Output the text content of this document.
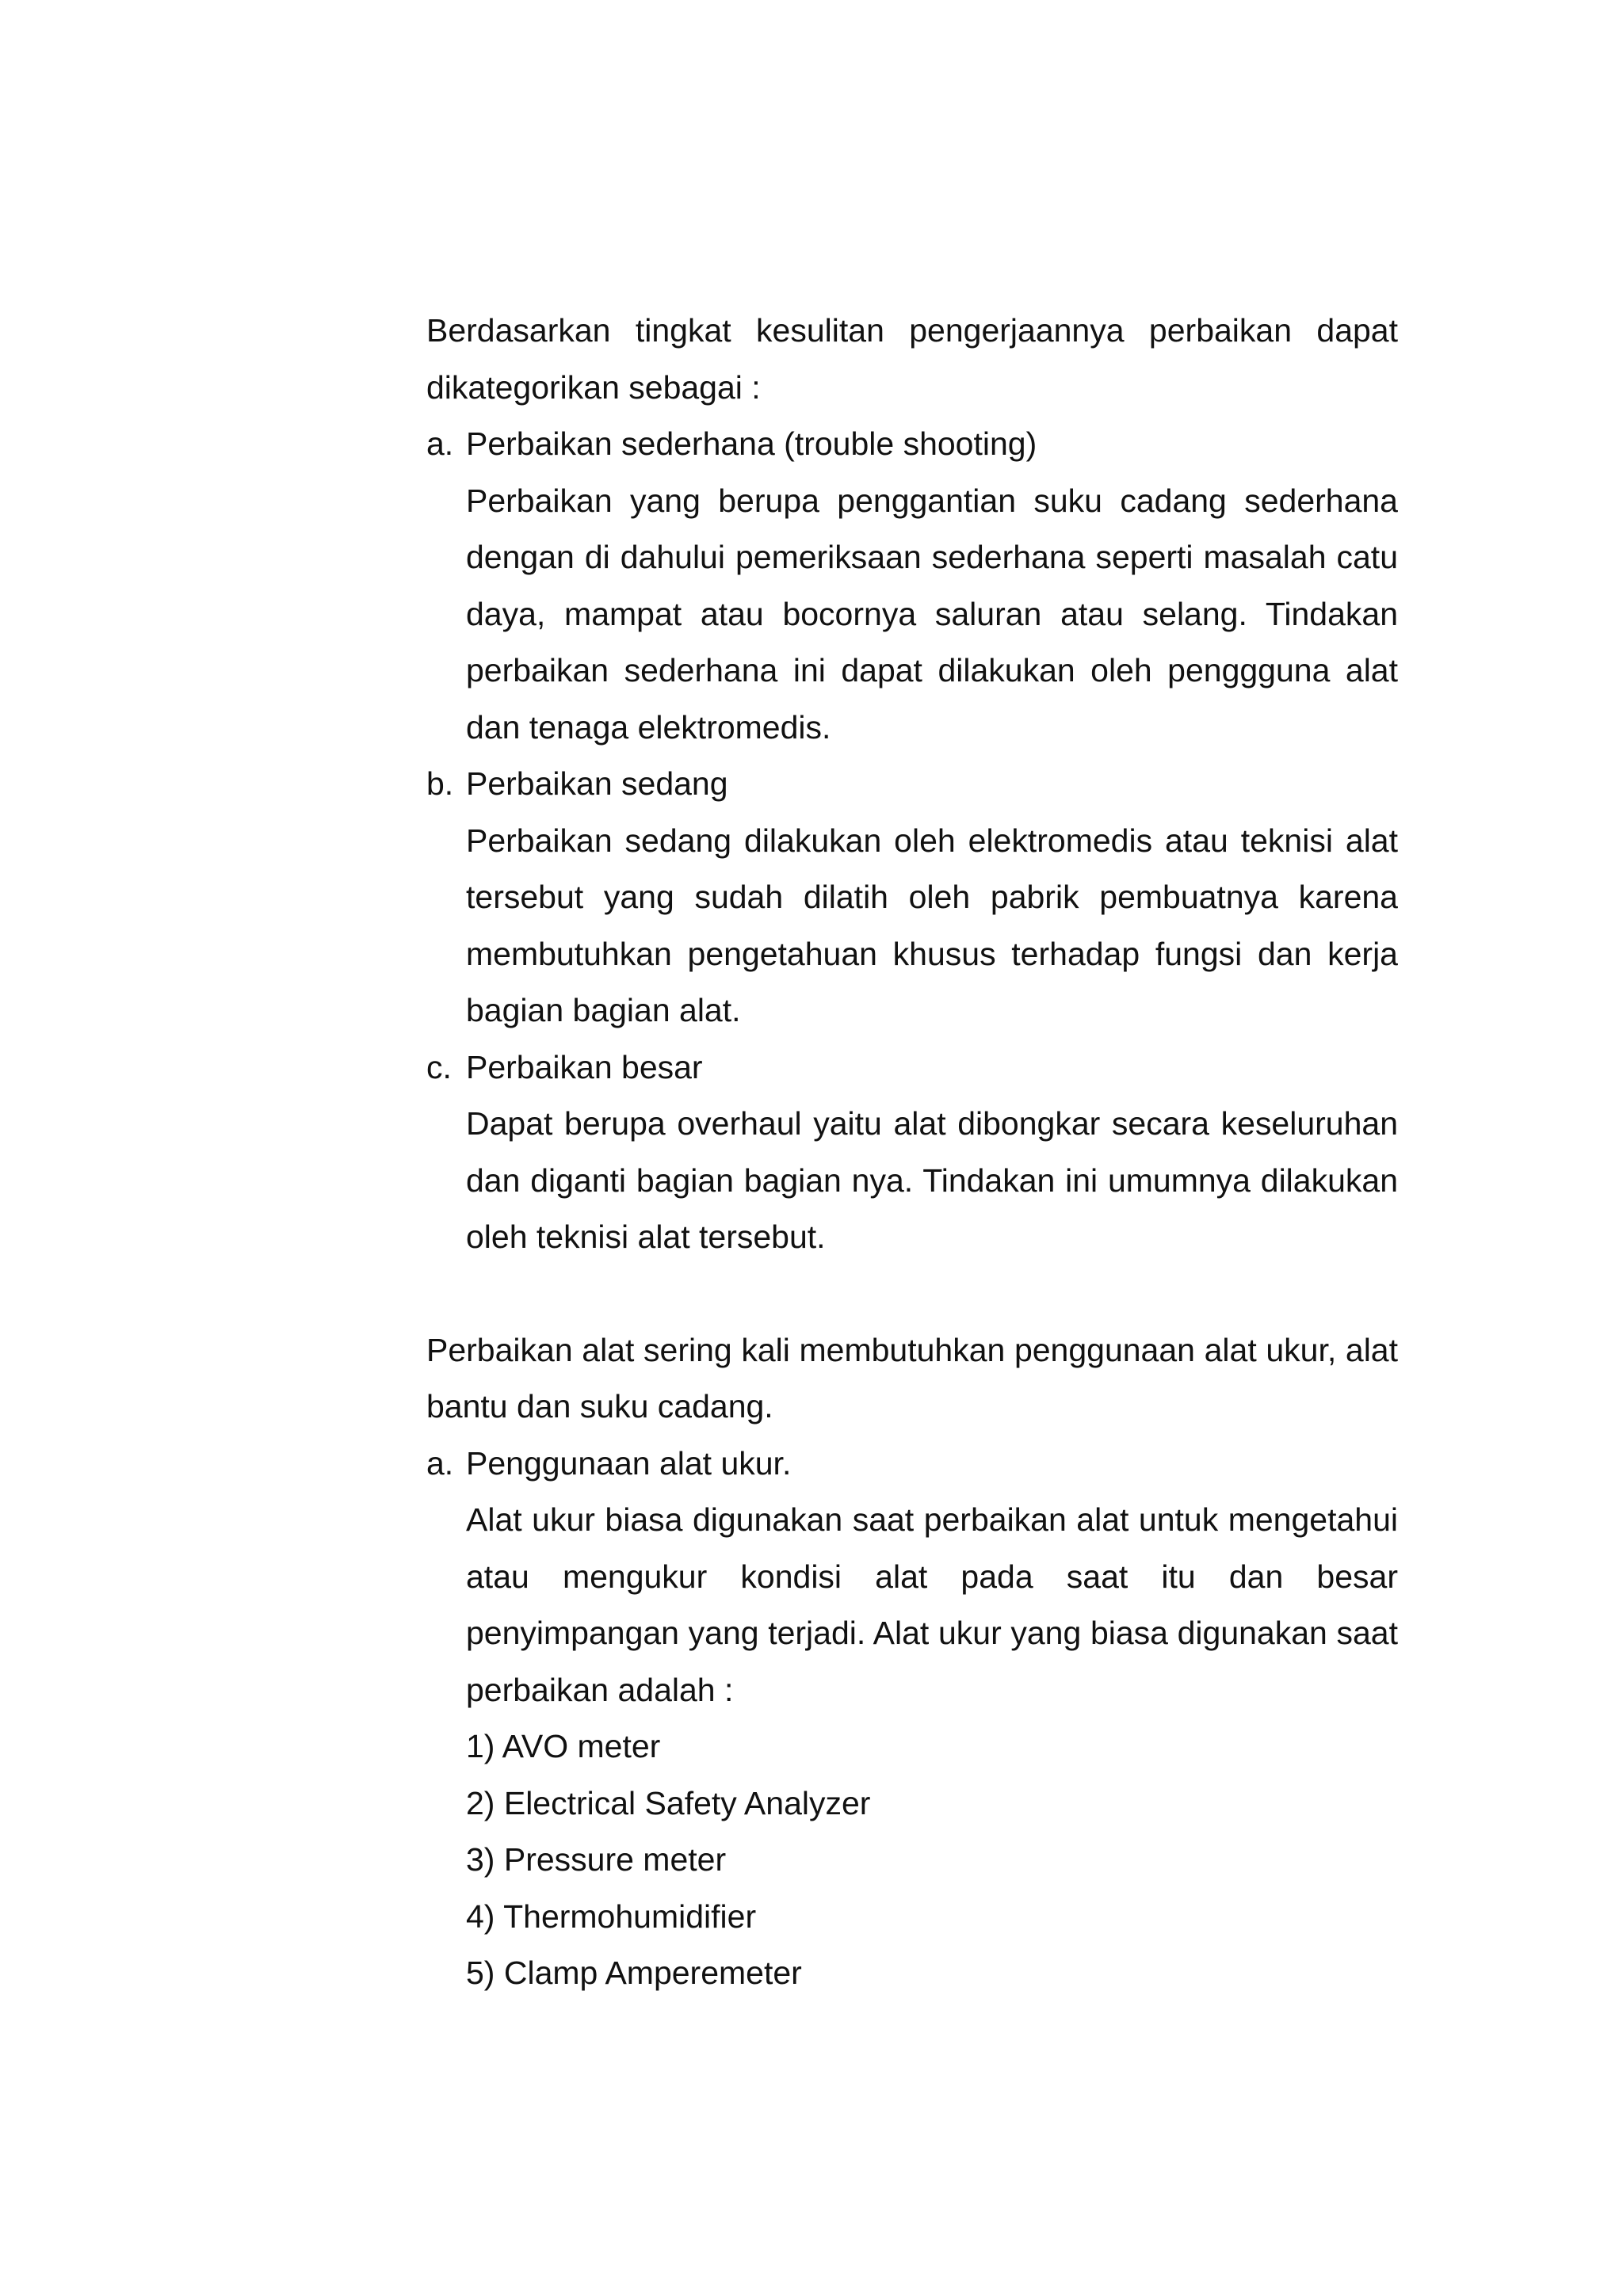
Berdasarkan tingkat kesulitan pengerjaannya perbaikan dapat dikategorikan sebagai :

a. Perbaikan sederhana (trouble shooting)

Perbaikan yang berupa penggantian suku cadang sederhana dengan di dahului pemeriksaan sederhana seperti masalah catu daya, mampat atau bocornya saluran atau selang. Tindakan perbaikan sederhana ini dapat dilakukan oleh penggguna alat dan tenaga elektromedis.

b. Perbaikan sedang

Perbaikan sedang dilakukan oleh elektromedis atau teknisi alat tersebut yang sudah dilatih oleh pabrik pembuatnya karena membutuhkan pengetahuan khusus terhadap fungsi dan kerja bagian bagian alat.

c. Perbaikan besar

Dapat berupa overhaul yaitu alat dibongkar secara keseluruhan dan diganti bagian bagian nya. Tindakan ini umumnya dilakukan oleh teknisi alat tersebut.

Perbaikan alat sering kali membutuhkan penggunaan alat ukur, alat bantu dan suku cadang.

a. Penggunaan alat ukur.

Alat ukur biasa digunakan saat perbaikan alat untuk mengetahui atau mengukur kondisi alat pada saat itu dan besar penyimpangan yang terjadi. Alat ukur yang biasa digunakan saat perbaikan adalah :

1) AVO meter
2) Electrical Safety Analyzer
3) Pressure meter
4) Thermohumidifier
5) Clamp Amperemeter
